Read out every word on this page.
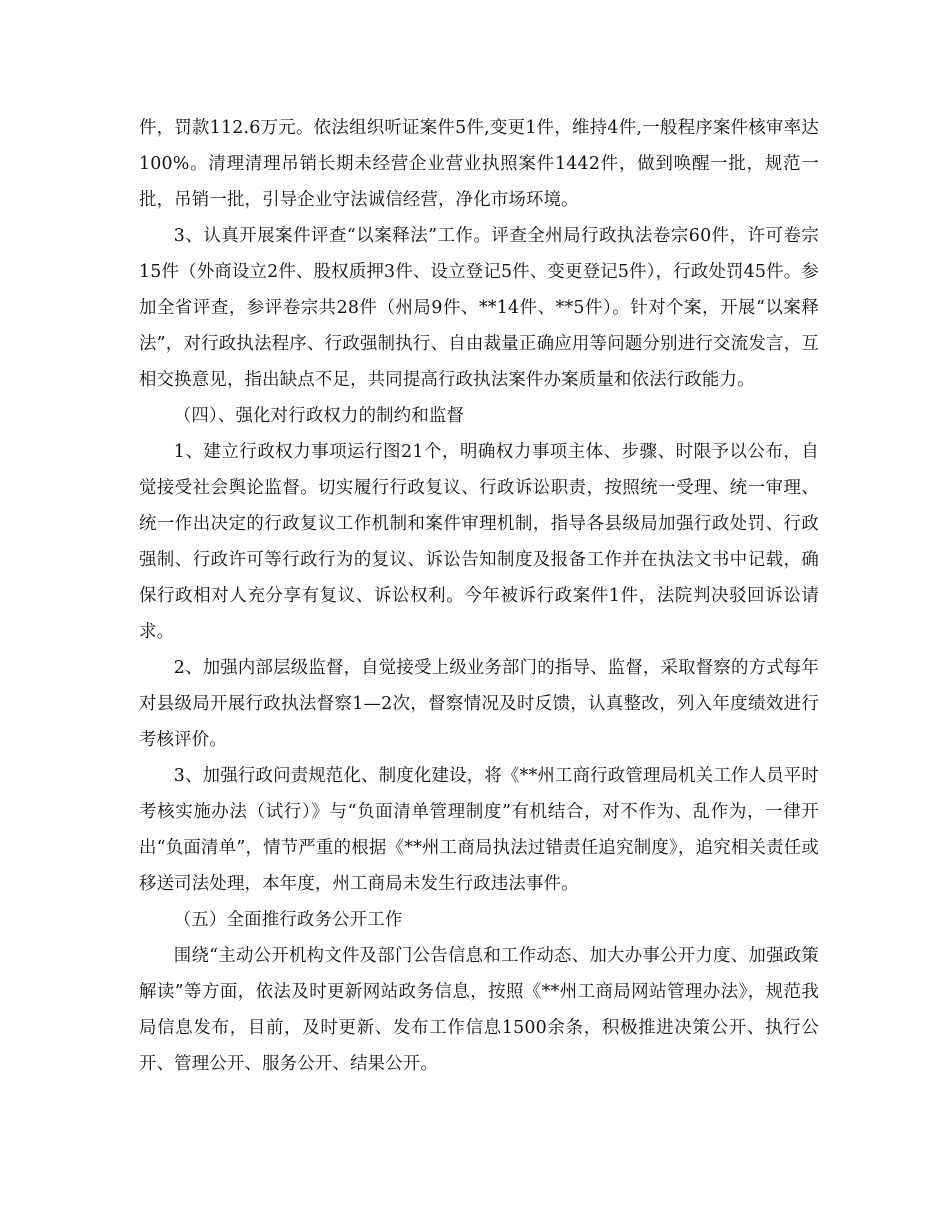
件，罚款112.6万元。依法组织听证案件5件,变更1件，维持4件,一般程序案件核审率达100%。清理清理吊销长期未经营企业营业执照案件1442件，做到唤醒一批，规范一批，吊销一批，引导企业守法诚信经营，净化市场环境。

3、认真开展案件评查“以案释法”工作。评查全州局行政执法卷宗60件，许可卷宗15件（外商设立2件、股权质押3件、设立登记5件、变更登记5件），行政处罚45件。参加全省评查，参评卷宗共28件（州局9件、**14件、**5件）。针对个案，开展“以案释法”，对行政执法程序、行政强制执行、自由裁量正确应用等问题分别进行交流发言，互相交换意见，指出缺点不足，共同提高行政执法案件办案质量和依法行政能力。

（四）、强化对行政权力的制约和监督

1、建立行政权力事项运行图21个，明确权力事项主体、步骤、时限予以公布，自觉接受社会舆论监督。切实履行行政复议、行政诉讼职责，按照统一受理、统一审理、统一作出决定的行政复议工作机制和案件审理机制，指导各县级局加强行政处罚、行政强制、行政许可等行政行为的复议、诉讼告知制度及报备工作并在执法文书中记载，确保行政相对人充分享有复议、诉讼权利。今年被诉行政案件1件，法院判决驳回诉讼请求。

2、加强内部层级监督，自觉接受上级业务部门的指导、监督，采取督察的方式每年对县级局开展行政执法督察1—2次，督察情况及时反馈，认真整改，列入年度绩效进行考核评价。

3、加强行政问责规范化、制度化建设，将《**州工商行政管理局机关工作人员平时考核实施办法（试行）》与“负面清单管理制度”有机结合，对不作为、乱作为，一律开出“负面清单”，情节严重的根据《**州工商局执法过错责任追究制度》，追究相关责任或移送司法处理，本年度，州工商局未发生行政违法事件。

（五）全面推行政务公开工作

围绕“主动公开机构文件及部门公告信息和工作动态、加大办事公开力度、加强政策解读”等方面，依法及时更新网站政务信息，按照《**州工商局网站管理办法》，规范我局信息发布，目前，及时更新、发布工作信息1500余条，积极推进决策公开、执行公开、管理公开、服务公开、结果公开。
